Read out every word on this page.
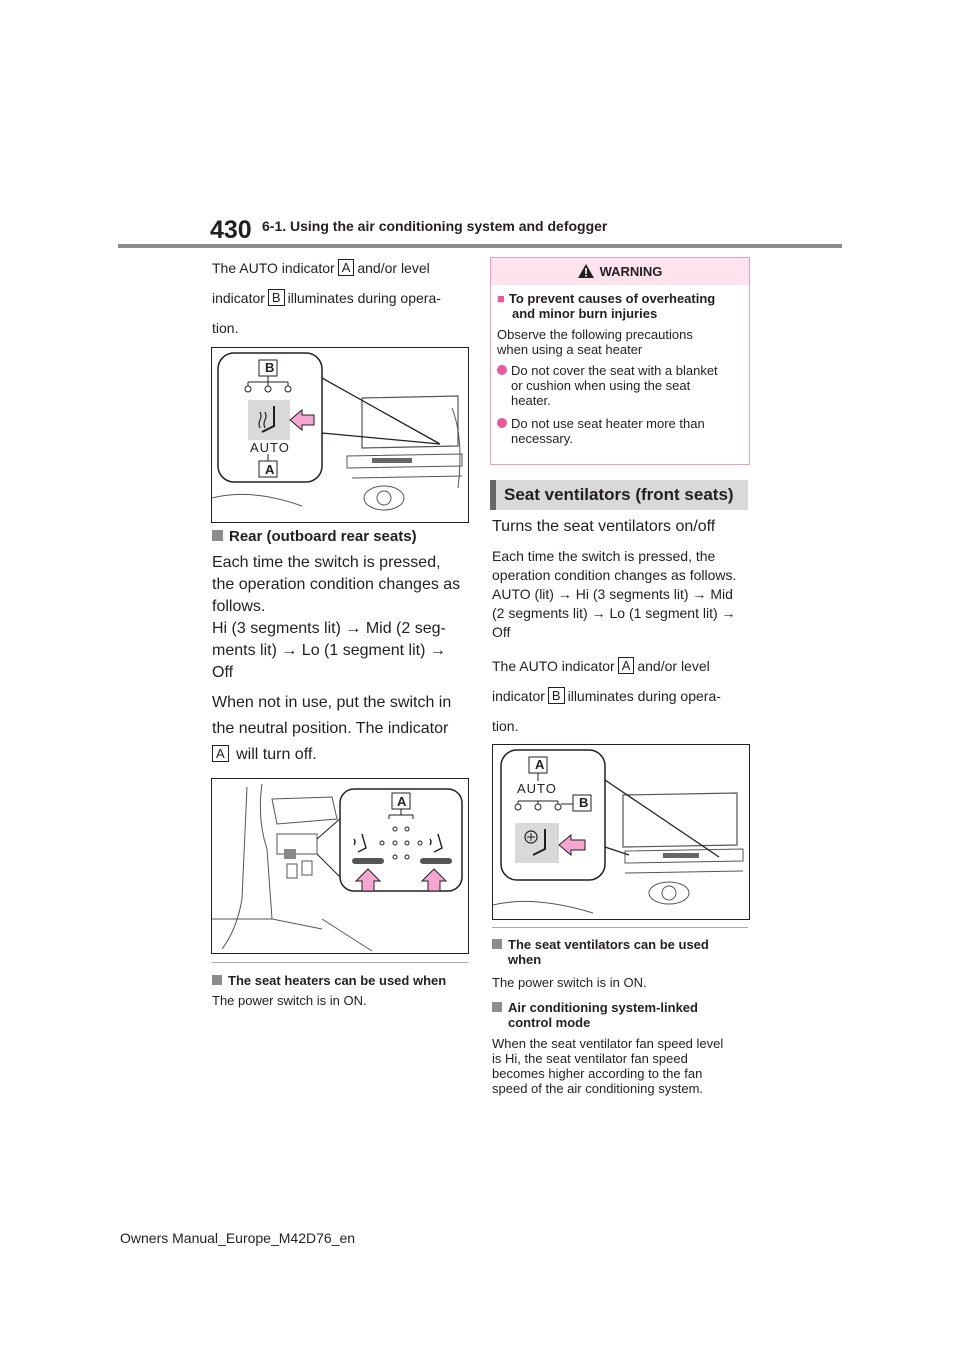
430 6-1. Using the air conditioning system and defogger
The AUTO indicator A and/or level
indicator B illuminates during opera-
tion.
B
AUTO
A
Rear (outboard rear seats)
Each time the switch is pressed,
the operation condition changes as
follows.
Hi (3 segments lit) → Mid (2 seg-
ments lit) → Lo (1 segment lit) →
Off
When not in use, put the switch in
the neutral position. The indicator
A will turn off.
A
The seat heaters can be used when
The power switch is in ON.
WARNING
■ To prevent causes of overheating
and minor burn injuries
Observe the following precautions
when using a seat heater
Do not cover the seat with a blanket
or cushion when using the seat
heater.
Do not use seat heater more than
necessary.
Seat ventilators (front seats)
Turns the seat ventilators on/off
Each time the switch is pressed, the
operation condition changes as follows.
AUTO (lit) → Hi (3 segments lit) → Mid
(2 segments lit) → Lo (1 segment lit) →
Off
The AUTO indicator A and/or level
indicator B illuminates during opera-
tion.
A
AUTO
B
The seat ventilators can be used
when
The power switch is in ON.
Air conditioning system-linked
control mode
When the seat ventilator fan speed level
is Hi, the seat ventilator fan speed
becomes higher according to the fan
speed of the air conditioning system.
Owners Manual_Europe_M42D76_en
